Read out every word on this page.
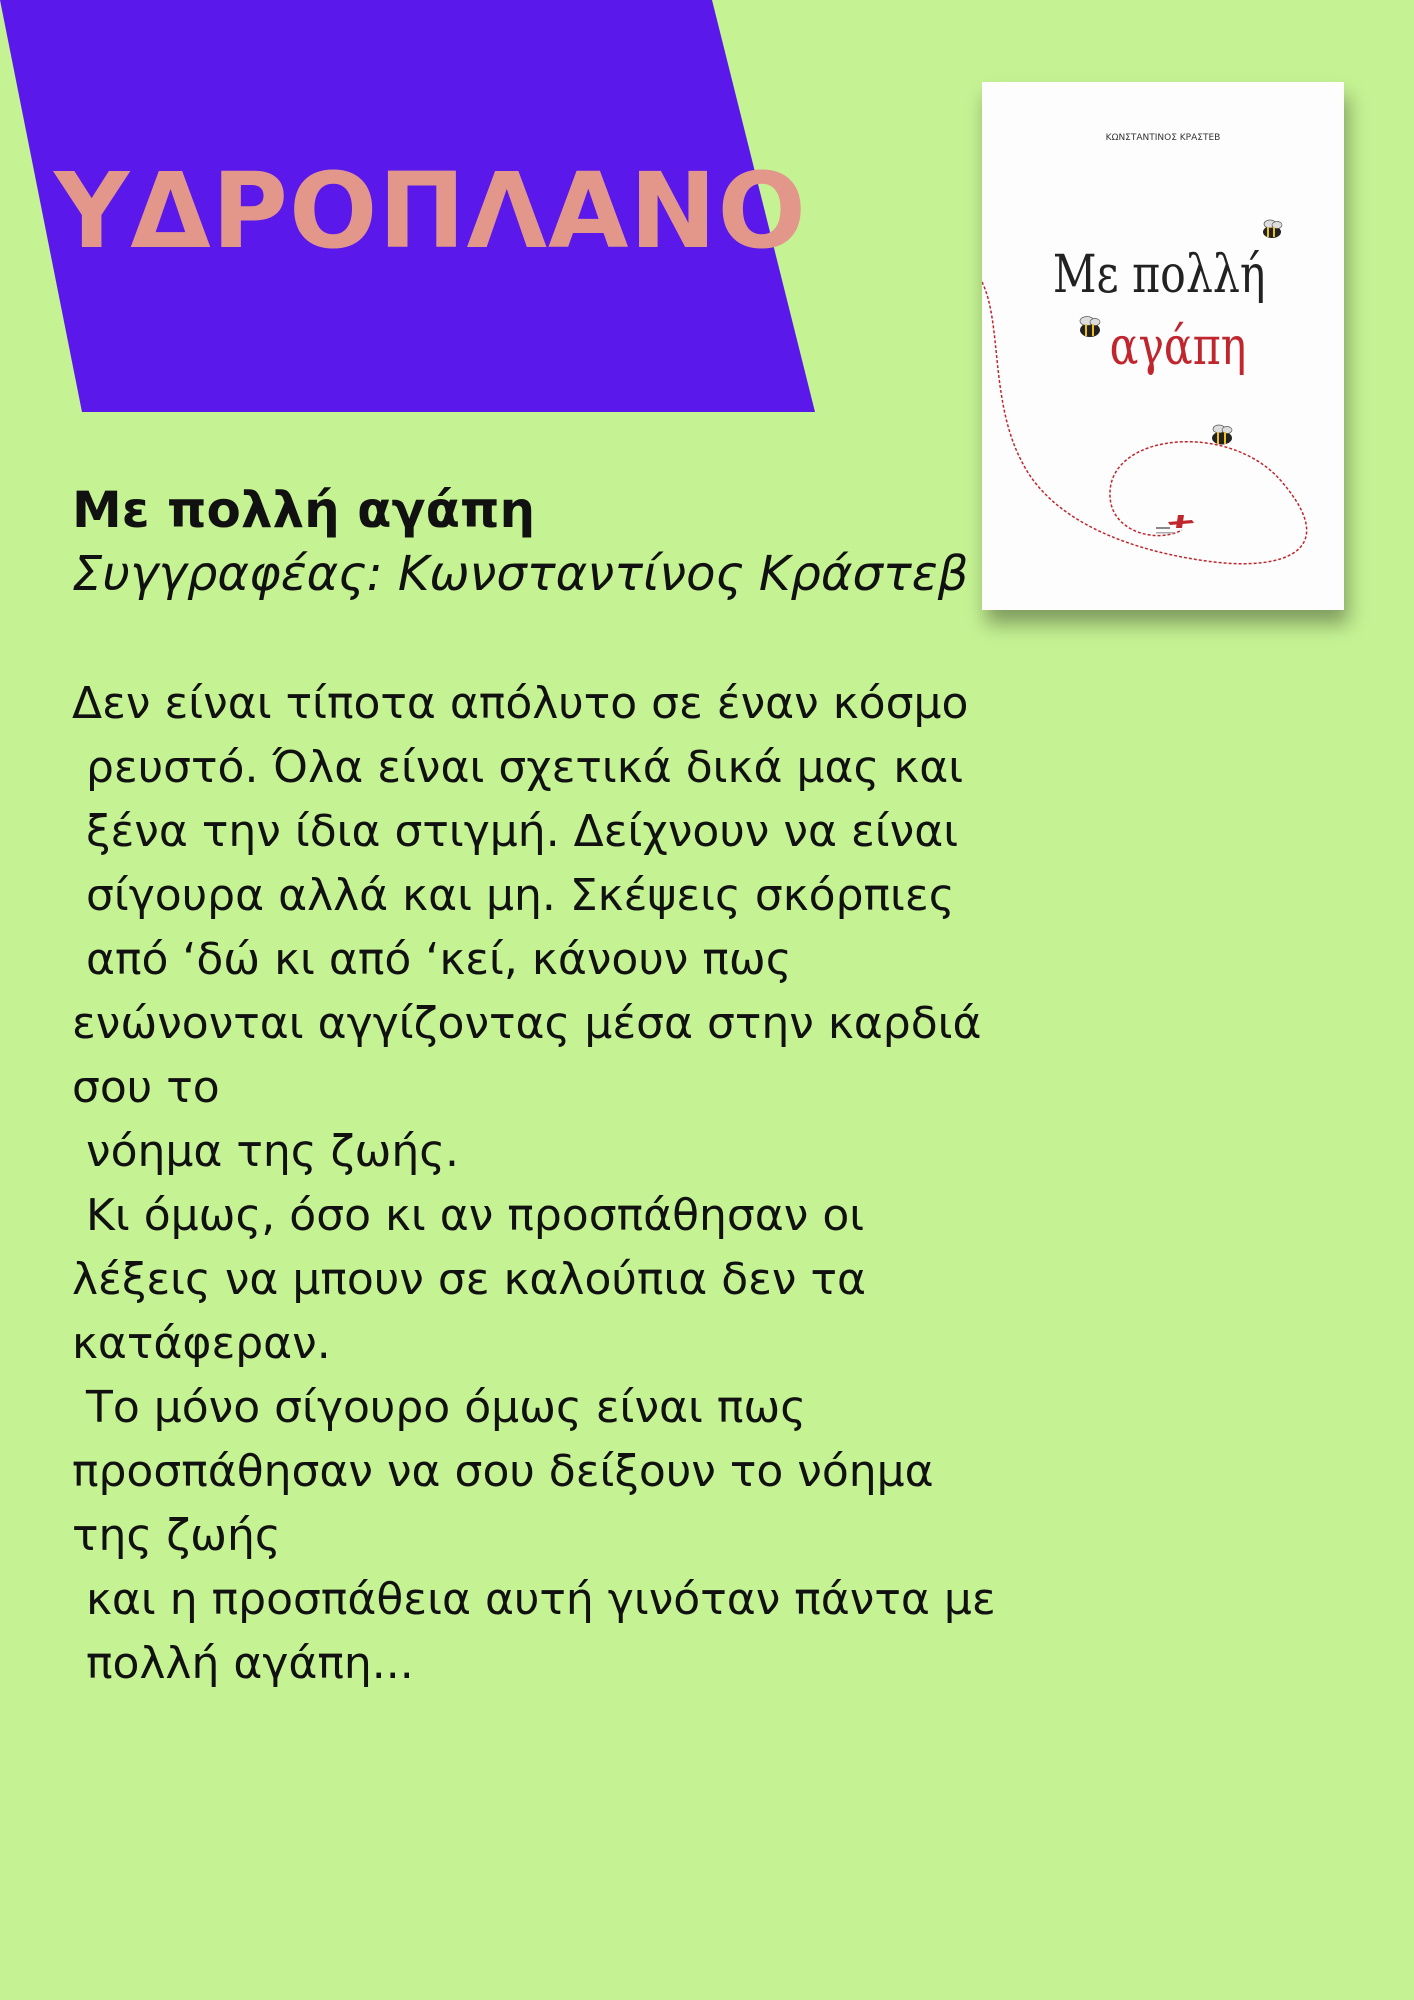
ΥΔΡΟΠΛΑΝΟ
ΚΩΝΣΤΑΝΤΙΝΟΣ ΚΡΑΣΤΕΒ
Με πολλή
αγάπη
Με πολλή αγάπη

Συγγραφέας: Κωνσταντίνος Κράστεβ

Δεν είναι τίποτα απόλυτο σε έναν κόσμο
ρευστό. Όλα είναι σχετικά δικά μας και
ξένα την ίδια στιγμή. Δείχνουν να είναι
σίγουρα αλλά και μη. Σκέψεις σκόρπιες
από ‘δώ κι από ‘κεί, κάνουν πως
ενώνονται αγγίζοντας μέσα στην καρδιά
σου το
νόημα της ζωής.
Κι όμως, όσο κι αν προσπάθησαν οι
λέξεις να μπουν σε καλούπια δεν τα
κατάφεραν.
Το μόνο σίγουρο όμως είναι πως
προσπάθησαν να σου δείξουν το νόημα
της ζωής
και η προσπάθεια αυτή γινόταν πάντα με
πολλή αγάπη...
